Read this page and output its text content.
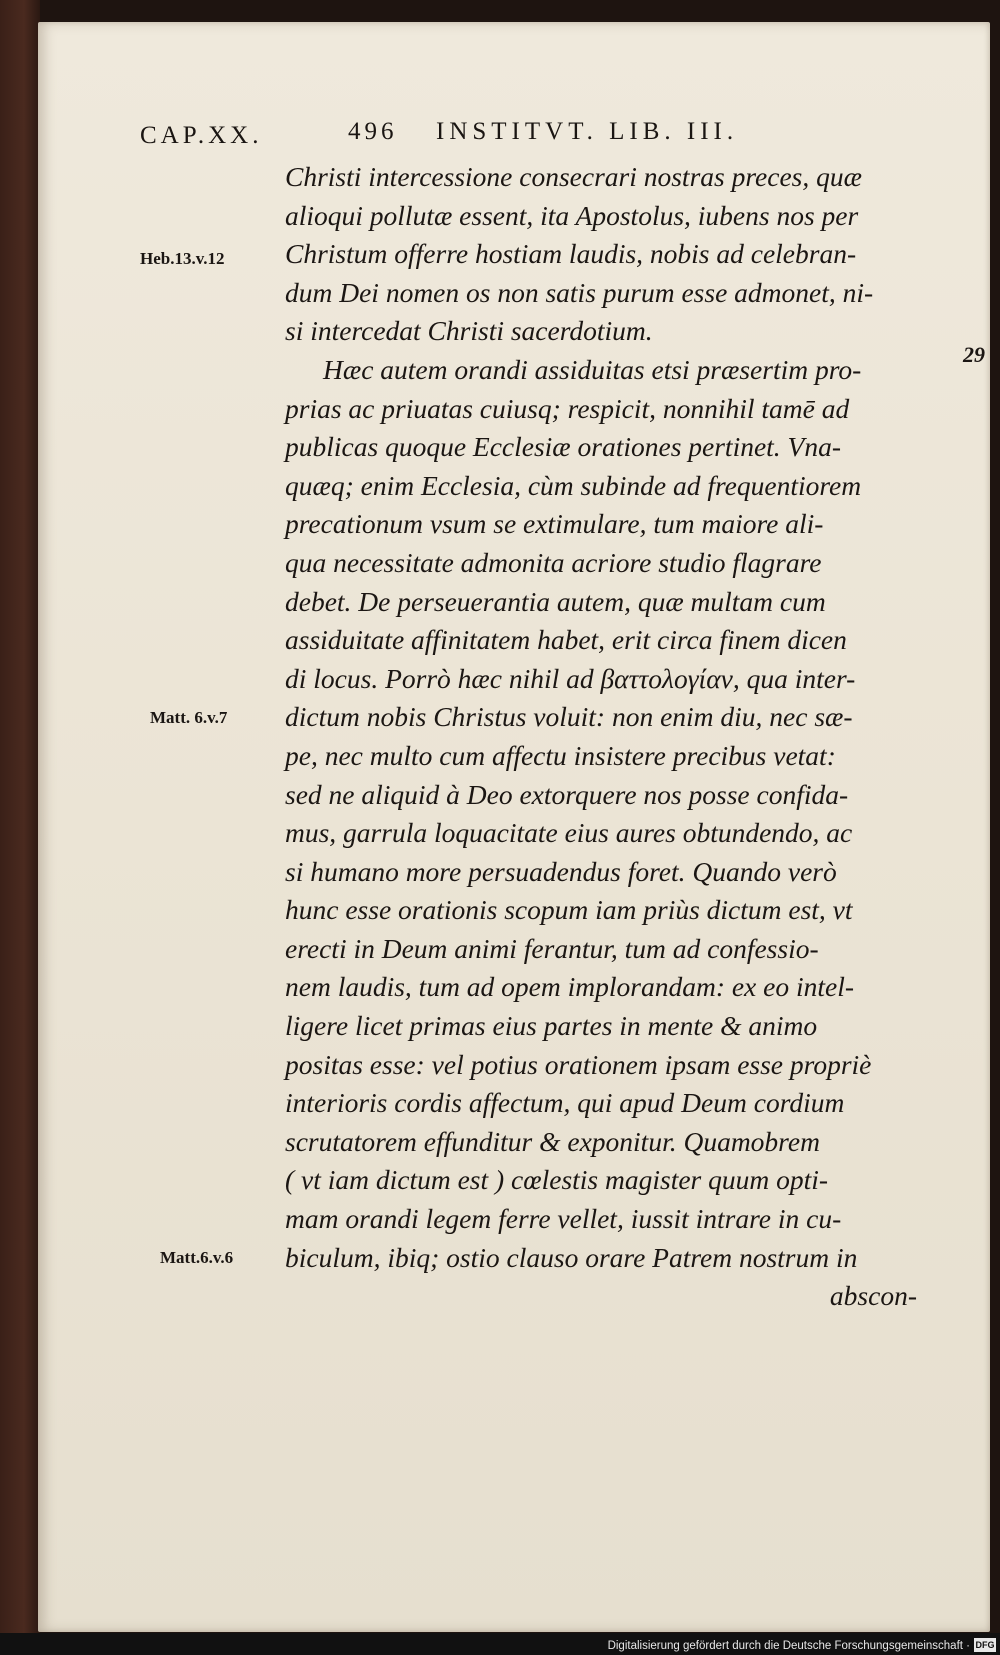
CAP.XX.	496 INSTITVT. LIB. III.
29
Heb.13.v.12
Matt. 6.v.7
Matt.6.v.6
Christi intercessione consecrari nostras preces, quæ
alioqui pollutæ essent, ita Apostolus, iubens nos per
Christum offerre hostiam laudis, nobis ad celebran-
dum Dei nomen os non satis purum esse admonet, ni-
si intercedat Christi sacerdotium.
Hæc autem orandi assiduitas etsi præsertim pro-
prias ac priuatas cuiusq; respicit, nonnihil tamē ad
publicas quoque Ecclesiæ orationes pertinet. Vna-
quæq; enim Ecclesia, cùm subinde ad frequentiorem
precationum vsum se extimulare, tum maiore ali-
qua necessitate admonita acriore studio flagrare
debet. De perseuerantia autem, quæ multam cum
assiduitate affinitatem habet, erit circa finem dicen
di locus. Porrò hæc nihil ad βαττολογίαν, qua inter-
dictum nobis Christus voluit: non enim diu, nec sæ-
pe, nec multo cum affectu insistere precibus vetat:
sed ne aliquid à Deo extorquere nos posse confida-
mus, garrula loquacitate eius aures obtundendo, ac
si humano more persuadendus foret. Quando verò
hunc esse orationis scopum iam priùs dictum est, vt
erecti in Deum animi ferantur, tum ad confessio-
nem laudis, tum ad opem implorandam: ex eo intel-
ligere licet primas eius partes in mente & animo
positas esse: vel potius orationem ipsam esse propriè
interioris cordis affectum, qui apud Deum cordium
scrutatorem effunditur & exponitur. Quamobrem
( vt iam dictum est ) cœlestis magister quum opti-
mam orandi legem ferre vellet, iussit intrare in cu-
biculum, ibiq; ostio clauso orare Patrem nostrum in
abscon-
Digitalisierung gefördert durch die Deutsche Forschungsgemeinschaft · DFG
